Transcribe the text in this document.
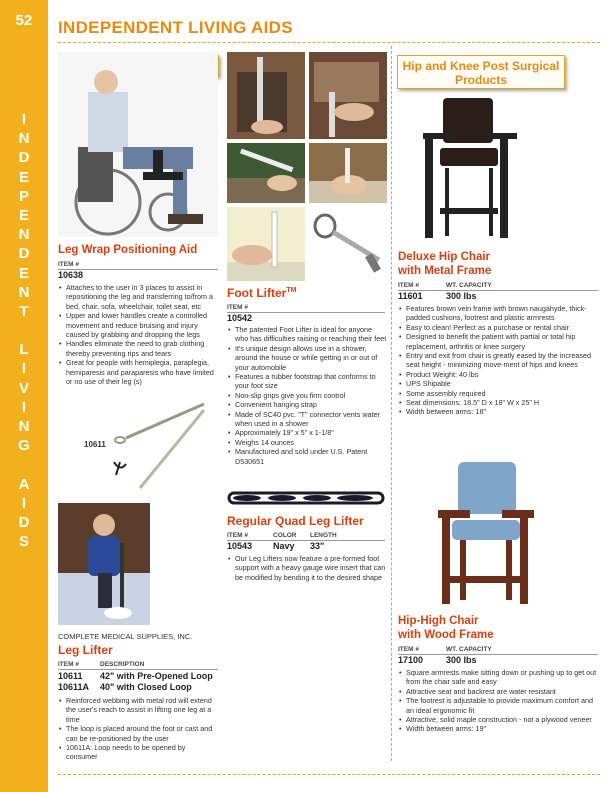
52
I
N
D
E
P
E
N
D
E
N
T
L
I
V
I
N
G
A
I
D
S
INDEPENDENT LIVING AIDS
Hip and Knee Post Surgical Products
Leg Wrap Positioning Aid
ITEM #
10638
• Attaches to the user in 3 places to assist in repositioning the leg and transferring to/from a bed, chair, sofa, wheelchair, toilet seat, etc
• Upper and lower handles create a controlled movement and reduce bruising and injury caused by grabbing and dropping the legs
• Handles eliminate the need to grab clothing thereby preventing rips and tears
• Great for people with hemiplegia, paraplegia, hemiparesis and paraparesis who have limited or no use of their leg (s)
10611
COMPLETE MEDICAL SUPPLIES, INC.
Leg Lifter
ITEM #	DESCRIPTION
10611 42" with Pre-Opened Loop
10611A 40" with Closed Loop
• Reinforced webbing with metal rod will extend the user's reach to assist in lifting one leg at a time
• The loop is placed around the foot or cast and can be re-positioned by the user
• 10611A: Loop needs to be opened by consumer
Foot Lifter™
ITEM #
10542
• The patented Foot Lifter is ideal for anyone who has difficulties raising or reaching their feet
• It's unique design allows use in a shower, around the house or while getting in or out of your automobile
• Features a rubber footstrap that conforms to your foot size
• Non-slip grips give you firm control
• Convenient hanging strap
• Made of SC40 pvc. "T" connector vents water when used in a shower
• Approximately 19" x 5" x 1-1/8"
• Weighs 14 ounces
• Manufactured and sold under U.S. Patent D530651
Regular Quad Leg Lifter
ITEM #	COLOR LENGTH
10543 Navy 33"
• Our Leg Lifters now feature a pre-formed foot support with a heavy gauge wire insert that can be modified by bending it to the desired shape
Deluxe Hip Chair
with Metal Frame
ITEM #	WT. CAPACITY
11601	300 lbs
• Features brown vein frame with brown naugahyde, thick-padded cushions, footrest and plastic armrests
• Easy to clean! Perfect as a purchase or rental chair
• Designed to benefit the patient with partial or total hip replacement, arthritis or knee surgery
• Entry and exit from chair is greatly eased by the increased seat height - minimizing move-ment of hips and knees
• Product Weight: 40 lbs
• UPS Shipable
• Some assembly required
• Seat dimensions: 18.5" D x 18" W x 25" H
• Width between arms: 18"
Hip-High Chair
with Wood Frame
ITEM #	WT. CAPACITY
17100	300 lbs
• Square armrests make sitting down or pushing up to get out from the chair safe and easy
• Attractive seat and backrest are water resistant
• The footrest is adjustable to provide maximum comfort and an ideal ergonomic fit
• Attractive, solid maple construction - not a plywood veneer
• Width between arms: 19"
